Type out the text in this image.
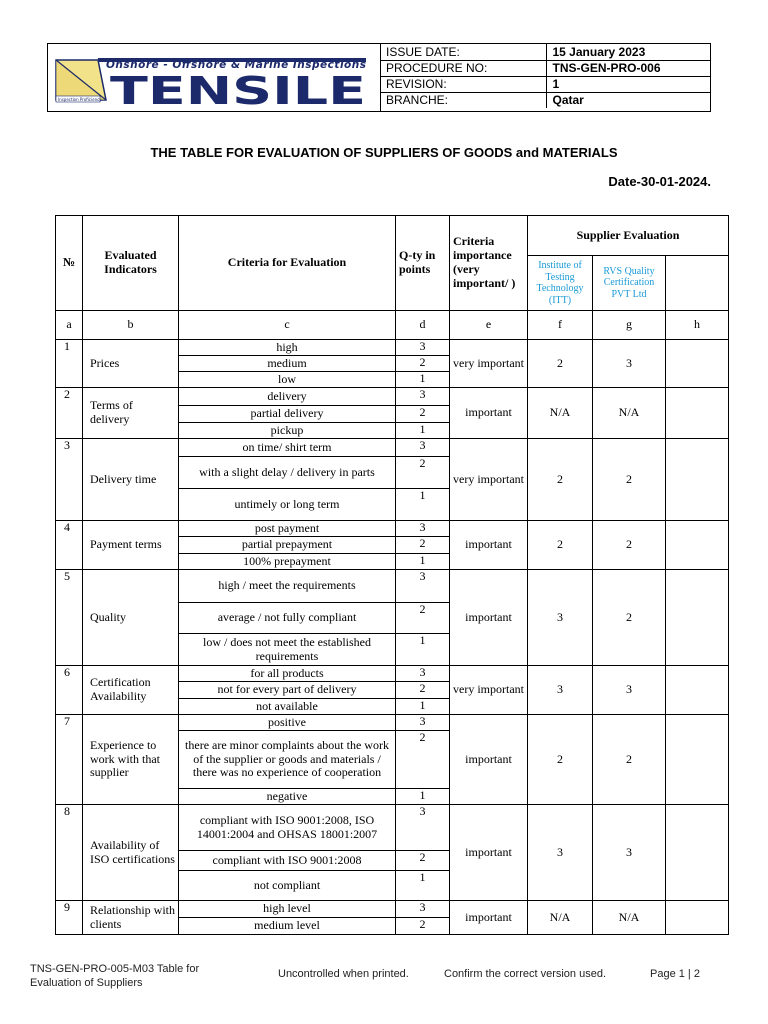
Onshore - Offshore & Marine Inspections
TENSILE
Inspection Proficiency
ISSUE DATE:	15 January 2023
PROCEDURE NO:	TNS-GEN-PRO-006
REVISION:	1
BRANCHE:	Qatar
THE TABLE FOR EVALUATION OF SUPPLIERS OF GOODS and MATERIALS
Date-30-01-2024.
№	Evaluated Indicators	Criteria for Evaluation	Q-ty in points	Criteria importance (very important/ )	Supplier Evaluation		
					Institute of Testing Technology (ITT)	RVS Quality Certification PVT Ltd	
a	b	c	d	e	f	g	h
1	Prices	high	3	very important	2	3	
		medium	2				
		low	1				
2	Terms of delivery	delivery	3	important	N/A	N/A	
		partial delivery	2				
		pickup	1				
3	Delivery time	on time/ shirt term	3	very important	2	2	
		with a slight delay / delivery in parts	2				
		untimely or long term	1				
4	Payment terms	post payment	3	important	2	2	
		partial prepayment	2				
		100% prepayment	1				
5	Quality	high / meet the requirements	3	important	3	2	
		average / not fully compliant	2				
		low / does not meet the established requirements	1				
6	Certification Availability	for all products	3	very important	3	3	
		not for every part of delivery	2				
		not available	1				
7	Experience to work with that supplier	positive	3	important	2	2	
		there are minor complaints about the work of the supplier or goods and materials / there was no experience of cooperation	2				
		negative	1				
8	Availability of ISO certifications	compliant with ISO 9001:2008, ISO 14001:2004 and OHSAS 18001:2007	3	important	3	3	
		compliant with ISO 9001:2008	2				
		not compliant	1				
9	Relationship with clients	high level	3	important	N/A	N/A	
		medium level	2				
TNS-GEN-PRO-005-M03 Table for Evaluation of Suppliers
Uncontrolled when printed.	Confirm the correct version used.	Page 1 | 2
